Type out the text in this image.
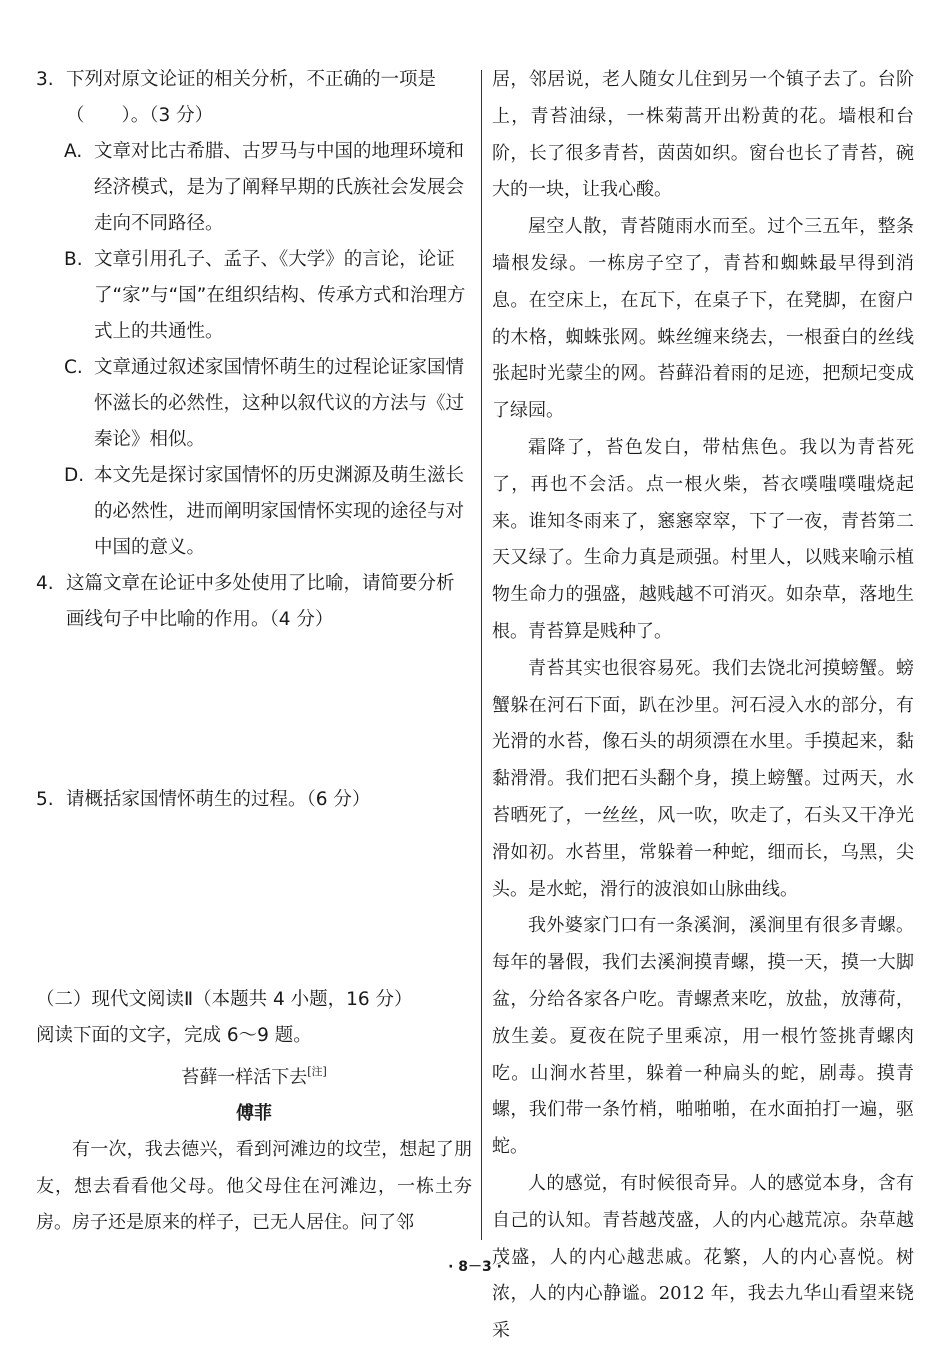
3. 下列对原文论证的相关分析，不正确的一项是（　　）。（3 分）

A. 文章对比古希腊、古罗马与中国的地理环境和经济模式，是为了阐释早期的氏族社会发展会走向不同路径。

B. 文章引用孔子、孟子、《大学》的言论，论证了“家”与“国”在组织结构、传承方式和治理方式上的共通性。

C. 文章通过叙述家国情怀萌生的过程论证家国情怀滋长的必然性，这种以叙代议的方法与《过秦论》相似。

D. 本文先是探讨家国情怀的历史渊源及萌生滋长的必然性，进而阐明家国情怀实现的途径与对中国的意义。

4. 这篇文章在论证中多处使用了比喻，请简要分析画线句子中比喻的作用。（4 分）

5. 请概括家国情怀萌生的过程。（6 分）

（二）现代文阅读Ⅱ（本题共 4 小题，16 分）

阅读下面的文字，完成 6～9 题。

苔藓一样活下去[注]

傅菲

有一次，我去德兴，看到河滩边的坟茔，想起了朋友，想去看看他父母。他父母住在河滩边，一栋土夯房。房子还是原来的样子，已无人居住。问了邻

居，邻居说，老人随女儿住到另一个镇子去了。台阶上，青苔油绿，一株菊蒿开出粉黄的花。墙根和台阶，长了很多青苔，茵茵如织。窗台也长了青苔，碗大的一块，让我心酸。

屋空人散，青苔随雨水而至。过个三五年，整条墙根发绿。一栋房子空了，青苔和蜘蛛最早得到消息。在空床上，在瓦下，在桌子下，在凳脚，在窗户的木格，蜘蛛张网。蛛丝缠来绕去，一根蚕白的丝线张起时光蒙尘的网。苔藓沿着雨的足迹，把颓圮变成了绿园。

霜降了，苔色发白，带枯焦色。我以为青苔死了，再也不会活。点一根火柴，苔衣噗嗤噗嗤烧起来。谁知冬雨来了，窸窸窣窣，下了一夜，青苔第二天又绿了。生命力真是顽强。村里人，以贱来喻示植物生命力的强盛，越贱越不可消灭。如杂草，落地生根。青苔算是贱种了。

青苔其实也很容易死。我们去饶北河摸螃蟹。螃蟹躲在河石下面，趴在沙里。河石浸入水的部分，有光滑的水苔，像石头的胡须漂在水里。手摸起来，黏黏滑滑。我们把石头翻个身，摸上螃蟹。过两天，水苔晒死了，一丝丝，风一吹，吹走了，石头又干净光滑如初。水苔里，常躲着一种蛇，细而长，乌黑，尖头。是水蛇，滑行的波浪如山脉曲线。

我外婆家门口有一条溪涧，溪涧里有很多青螺。每年的暑假，我们去溪涧摸青螺，摸一天，摸一大脚盆，分给各家各户吃。青螺煮来吃，放盐，放薄荷，放生姜。夏夜在院子里乘凉，用一根竹签挑青螺肉吃。山涧水苔里，躲着一种扁头的蛇，剧毒。摸青螺，我们带一条竹梢，啪啪啪，在水面拍打一遍，驱蛇。

人的感觉，有时候很奇异。人的感觉本身，含有自己的认知。青苔越茂盛，人的内心越荒凉。杂草越茂盛，人的内心越悲戚。花繁，人的内心喜悦。树浓，人的内心静谧。2012 年，我去九华山看望来铙采

· 8－3 ·
